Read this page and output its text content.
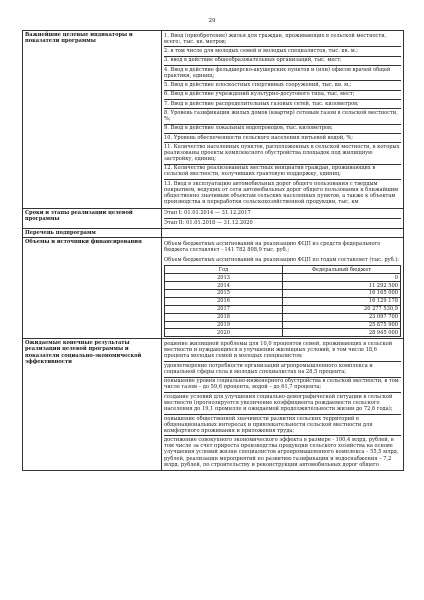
29
Важнейшие целевые индикаторы и показатели программы	
1. Ввод (приобретение) жилья для граждан, проживающих в сельской местности, всего:, тыс. кв. метров;
2. в том числе для молодых семей и молодых специалистов, тыс. кв. м.;
3. ввод в действие общеобразовательных организаций, тыс. мест;
4. Ввод в действие фельдшерско-акушерских пунктов и (или) офисов врачей общей практики, единиц;
5. Ввод в действие плоскостных спортивных сооружений, тыс. кв. м.;
6. Ввод в действие учреждений культурно-досугового типа, тыс. мест;
7. Ввод в действие распределительных газовых сетей, тыс. километров;
8. Уровень газификации жилых домов (квартир) сетевым газом в сельской местности, %;
9. Ввод в действие локальных водопроводов, тыс. километров;
10. Уровень обеспеченности сельского населения питьевой водой, %;
11. Количество населенных пунктов, расположенных в сельской местности, в которых реализованы проекты комплексного обустройства площадок под жилищную застройку, единиц;
12. Количество реализованных местных инициатив граждан, проживающих в сельской местности, получивших грантовую поддержку, единиц;
13. Ввод в эксплуатацию автомобильных дорог общего пользования с твердым покрытием, ведущих от сети автомобильных дорог общего пользования к ближайшим общественно значимым объектам сельских населенных пунктов, а также к объектам производства и переработки сельскохозяйственной продукции, тыс. км

Сроки и этапы реализации целевой программы	
Этап I: 01.01.2014 — 31.12.2017
Этап II: 01.01.2018 — 31.12.2020

Перечень подпрограмм	
Объемы и источники финансирования	Объем бюджетных ассигнований на реализацию ФЦП из средств федерального бюджета составляет - 141 782 808,9 тыс. руб.;
Объем бюджетных ассигнований на реализацию ФЦП по годам составляет (тыс. руб.):
Год	Федеральный бюджет
2013	0
2014	11 292 500
2015	16 165 000
2016	16 129 178
2017	20 277 530,9
2018	23 097 700
2019	25 875 900
2020	28 945 000

Ожидаемые конечные результаты реализации целевой программы и показатели социально-экономической эффективности	
решение жилищной проблемы для 10,0 процентов семей, проживающих в сельской местности и нуждающихся в улучшении жилищных условий, в том числе 18,6 процента молодых семей и молодых специалистов;
удовлетворение потребности организаций агропромышленного комплекса и социальной сферы села в молодых специалистах на 28,5 процента;
повышение уровня социально-инженерного обустройства в сельской местности, в том числе газом – до 59,6 процента, водой – до 61,7 процента;
создание условий для улучшения социально-демографической ситуации в сельской местности (прогнозируется увеличение коэффициента рождаемости сельского населения до 19,1 промилле и ожидаемой продолжительности жизни до 72,6 года);
повышение общественной значимости развития сельских территорий в общенациональных интересах и привлекательности сельской местности для комфортного проживания и приложения труда;
достижение совокупного экономического эффекта в размере - 100,4 млрд. рублей, в том числе за счет прироста производства продукции сельского хозяйства на основе улучшения условий жизни специалистов агропромышленного комплекса – 55,5 млрд. рублей, реализации мероприятий по развитию газификации и водоснабжения – 7,2 млрд. рублей, по строительству и реконструкции автомобильных дорог общего
